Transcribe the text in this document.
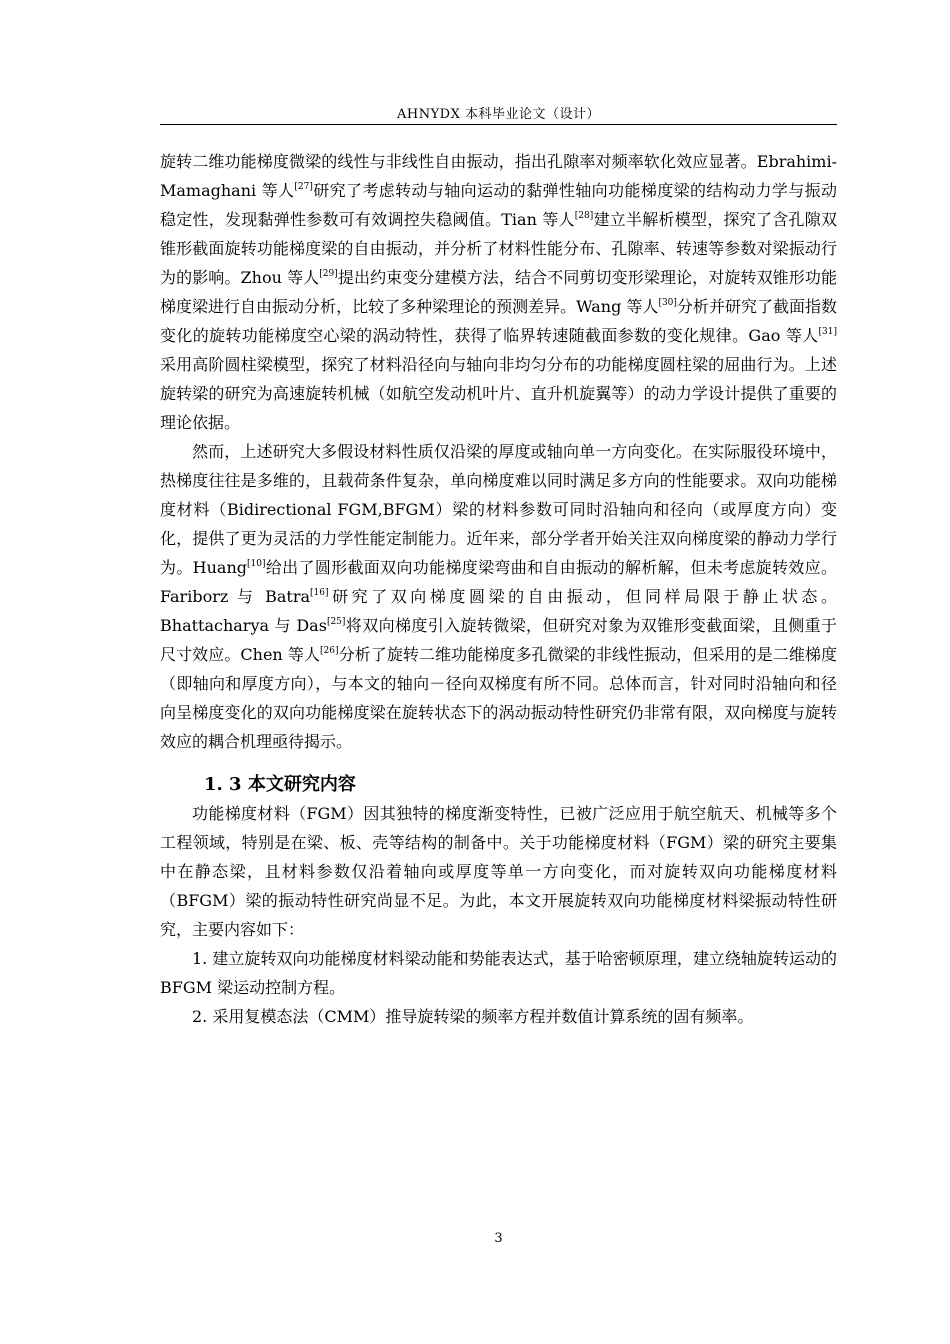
AHNYDX 本科毕业论文（设计）

旋转二维功能梯度微梁的线性与非线性自由振动，指出孔隙率对频率软化效应显著。Ebrahimi-Mamaghani 等人[27]研究了考虑转动与轴向运动的黏弹性轴向功能梯度梁的结构动力学与振动稳定性，发现黏弹性参数可有效调控失稳阈值。Tian 等人[28]建立半解析模型，探究了含孔隙双锥形截面旋转功能梯度梁的自由振动，并分析了材料性能分布、孔隙率、转速等参数对梁振动行为的影响。Zhou 等人[29]提出约束变分建模方法，结合不同剪切变形梁理论，对旋转双锥形功能梯度梁进行自由振动分析，比较了多种梁理论的预测差异。Wang 等人[30]分析并研究了截面指数变化的旋转功能梯度空心梁的涡动特性，获得了临界转速随截面参数的变化规律。Gao 等人[31]采用高阶圆柱梁模型，探究了材料沿径向与轴向非均匀分布的功能梯度圆柱梁的屈曲行为。上述旋转梁的研究为高速旋转机械（如航空发动机叶片、直升机旋翼等）的动力学设计提供了重要的理论依据。

然而，上述研究大多假设材料性质仅沿梁的厚度或轴向单一方向变化。在实际服役环境中，热梯度往往是多维的，且载荷条件复杂，单向梯度难以同时满足多方向的性能要求。双向功能梯度材料（Bidirectional FGM,BFGM）梁的材料参数可同时沿轴向和径向（或厚度方向）变化，提供了更为灵活的力学性能定制能力。近年来，部分学者开始关注双向梯度梁的静动力学行为。Huang[10]给出了圆形截面双向功能梯度梁弯曲和自由振动的解析解，但未考虑旋转效应。Fariborz 与 Batra[16]研究了双向梯度圆梁的自由振动，但同样局限于静止状态。Bhattacharya 与 Das[25]将双向梯度引入旋转微梁，但研究对象为双锥形变截面梁，且侧重于尺寸效应。Chen 等人[26]分析了旋转二维功能梯度多孔微梁的非线性振动，但采用的是二维梯度（即轴向和厚度方向），与本文的轴向－径向双梯度有所不同。总体而言，针对同时沿轴向和径向呈梯度变化的双向功能梯度梁在旋转状态下的涡动振动特性研究仍非常有限，双向梯度与旋转效应的耦合机理亟待揭示。

1. 3 本文研究内容

功能梯度材料（FGM）因其独特的梯度渐变特性，已被广泛应用于航空航天、机械等多个工程领域，特别是在梁、板、壳等结构的制备中。关于功能梯度材料（FGM）梁的研究主要集中在静态梁，且材料参数仅沿着轴向或厚度等单一方向变化，而对旋转双向功能梯度材料（BFGM）梁的振动特性研究尚显不足。为此，本文开展旋转双向功能梯度材料梁振动特性研究，主要内容如下：

1. 建立旋转双向功能梯度材料梁动能和势能表达式，基于哈密顿原理，建立绕轴旋转运动的 BFGM 梁运动控制方程。

2. 采用复模态法（CMM）推导旋转梁的频率方程并数值计算系统的固有频率。

3
